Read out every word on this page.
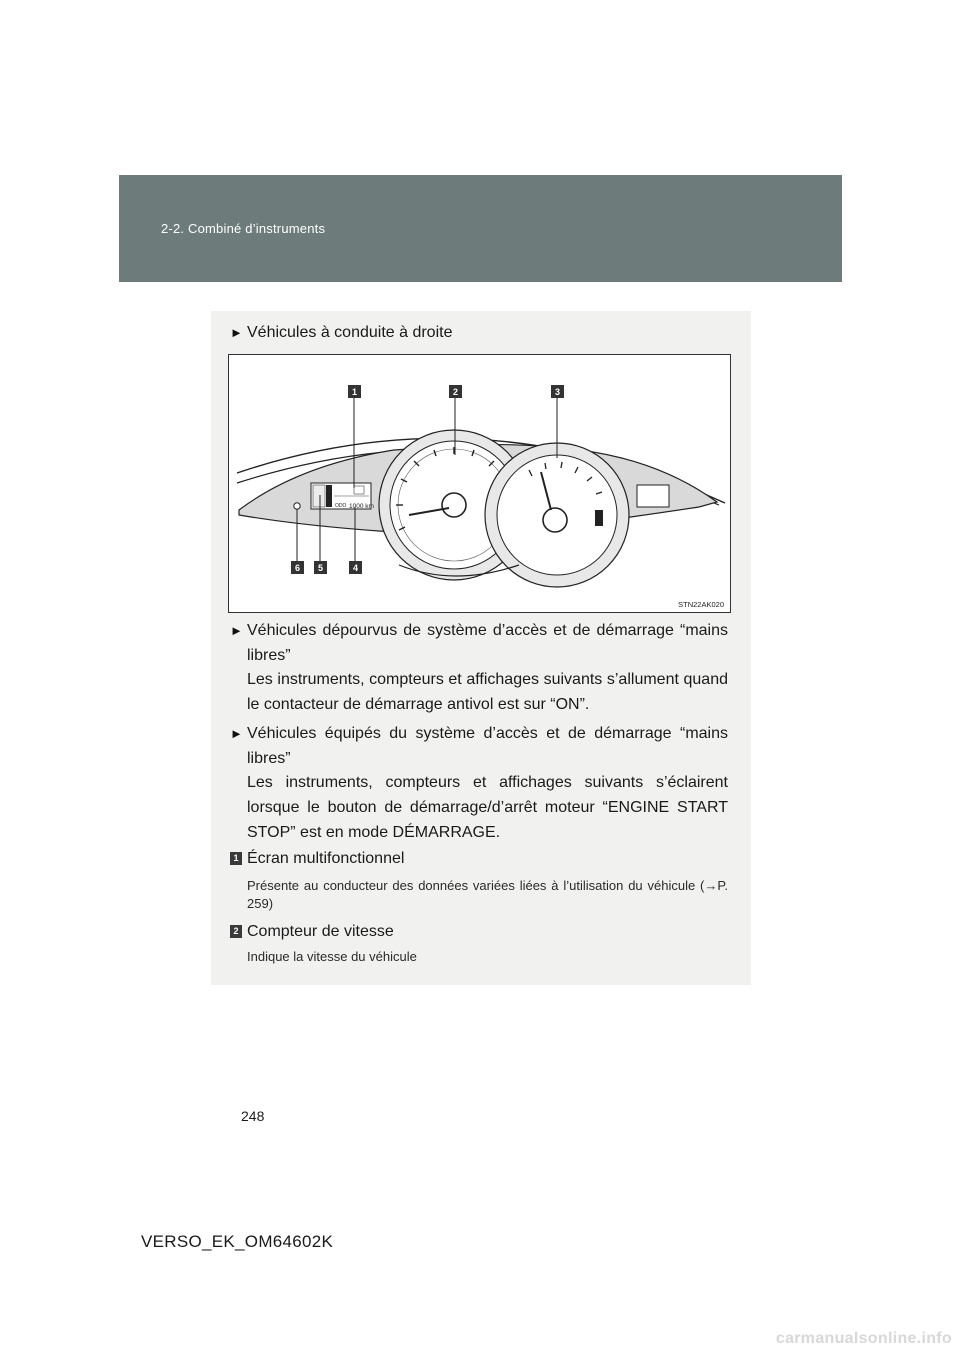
2-2. Combiné d’instruments
► Véhicules à conduite à droite
ODO 1000 km
1	2	3
4
5
6
STN22AK020
► Véhicules dépourvus de système d’accès et de démarrage “mains libres”
Les instruments, compteurs et affichages suivants s’allument quand le contacteur de démarrage antivol est sur “ON”.
► Véhicules équipés du système d’accès et de démarrage “mains libres”
Les instruments, compteurs et affichages suivants s’éclairent lorsque le bouton de démarrage/d’arrêt moteur “ENGINE START STOP” est en mode DÉMARRAGE.
1 Écran multifonctionnel
Présente au conducteur des données variées liées à l’utilisation du véhicule (→P. 259)
2 Compteur de vitesse
Indique la vitesse du véhicule
248
VERSO_EK_OM64602K
carmanualsonline.info
